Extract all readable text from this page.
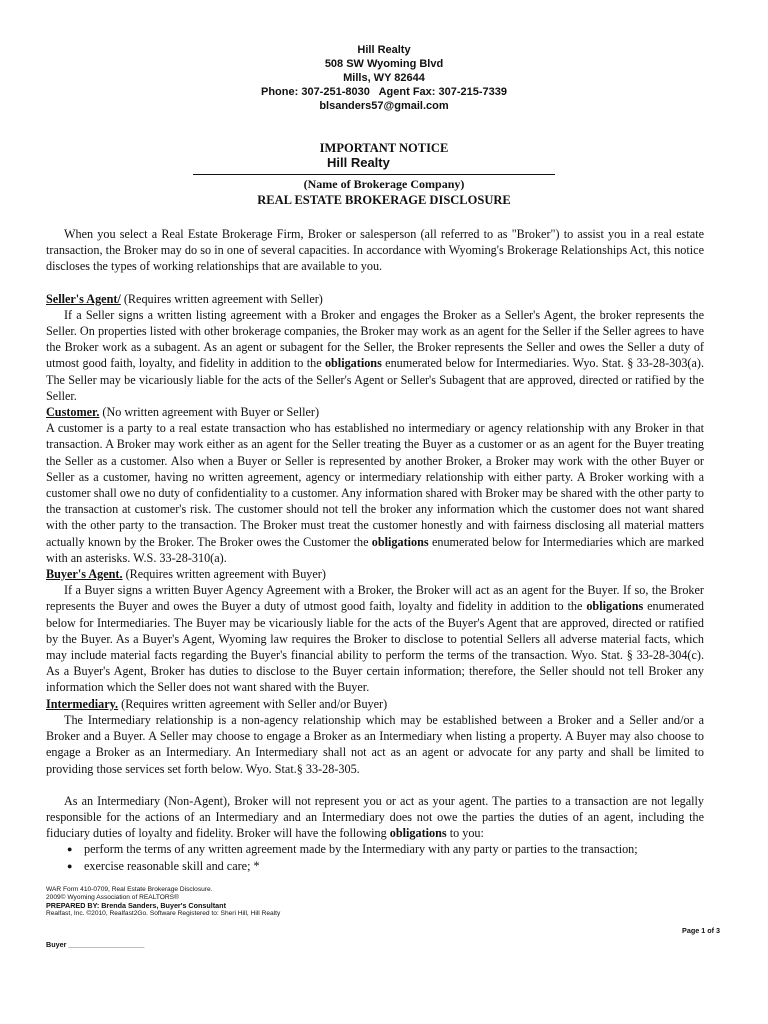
Hill Realty
508 SW Wyoming Blvd
Mills, WY 82644
Phone: 307-251-8030   Agent Fax: 307-215-7339
blsanders57@gmail.com
IMPORTANT NOTICE
Hill Realty
(Name of Brokerage Company)
REAL ESTATE BROKERAGE DISCLOSURE

When you select a Real Estate Brokerage Firm, Broker or salesperson (all referred to as "Broker") to assist you in a real estate transaction, the Broker may do so in one of several capacities. In accordance with Wyoming's Brokerage Relationships Act, this notice discloses the types of working relationships that are available to you.

Seller's Agent/ (Requires written agreement with Seller)

If a Seller signs a written listing agreement with a Broker and engages the Broker as a Seller's Agent, the broker represents the Seller. On properties listed with other brokerage companies, the Broker may work as an agent for the Seller if the Seller agrees to have the Broker work as a subagent. As an agent or subagent for the Seller, the Broker represents the Seller and owes the Seller a duty of utmost good faith, loyalty, and fidelity in addition to the obligations enumerated below for Intermediaries. Wyo. Stat. § 33-28-303(a). The Seller may be vicariously liable for the acts of the Seller's Agent or Seller's Subagent that are approved, directed or ratified by the Seller.

Customer. (No written agreement with Buyer or Seller)

A customer is a party to a real estate transaction who has established no intermediary or agency relationship with any Broker in that transaction. A Broker may work either as an agent for the Seller treating the Buyer as a customer or as an agent for the Buyer treating the Seller as a customer. Also when a Buyer or Seller is represented by another Broker, a Broker may work with the other Buyer or Seller as a customer, having no written agreement, agency or intermediary relationship with either party. A Broker working with a customer shall owe no duty of confidentiality to a customer. Any information shared with Broker may be shared with the other party to the transaction at customer's risk. The customer should not tell the broker any information which the customer does not want shared with the other party to the transaction. The Broker must treat the customer honestly and with fairness disclosing all material matters actually known by the Broker. The Broker owes the Customer the obligations enumerated below for Intermediaries which are marked with an asterisks. W.S. 33-28-310(a).

Buyer's Agent. (Requires written agreement with Buyer)

If a Buyer signs a written Buyer Agency Agreement with a Broker, the Broker will act as an agent for the Buyer. If so, the Broker represents the Buyer and owes the Buyer a duty of utmost good faith, loyalty and fidelity in addition to the obligations enumerated below for Intermediaries. The Buyer may be vicariously liable for the acts of the Buyer's Agent that are approved, directed or ratified by the Buyer. As a Buyer's Agent, Wyoming law requires the Broker to disclose to potential Sellers all adverse material facts, which may include material facts regarding the Buyer's financial ability to perform the terms of the transaction. Wyo. Stat. § 33-28-304(c). As a Buyer's Agent, Broker has duties to disclose to the Buyer certain information; therefore, the Seller should not tell Broker any information which the Seller does not want shared with the Buyer.

Intermediary. (Requires written agreement with Seller and/or Buyer)

The Intermediary relationship is a non-agency relationship which may be established between a Broker and a Seller and/or a Broker and a Buyer. A Seller may choose to engage a Broker as an Intermediary when listing a property. A Buyer may also choose to engage a Broker as an Intermediary. An Intermediary shall not act as an agent or advocate for any party and shall be limited to providing those services set forth below. Wyo. Stat.§ 33-28-305.

As an Intermediary (Non-Agent), Broker will not represent you or act as your agent. The parties to a transaction are not legally responsible for the actions of an Intermediary and an Intermediary does not owe the parties the duties of an agent, including the fiduciary duties of loyalty and fidelity. Broker will have the following obligations to you:

● perform the terms of any written agreement made by the Intermediary with any party or parties to the transaction;
● exercise reasonable skill and care; *
WAR Form 410-0709, Real Estate Brokerage Disclosure.
2009© Wyoming Association of REALTORS®
PREPARED BY: Brenda Sanders, Buyer's Consultant
Realfast, Inc. ©2010, Realfast2Go. Software Registered to: Sheri Hill, Hill Realty
Page 1 of 3
Buyer ___________________
